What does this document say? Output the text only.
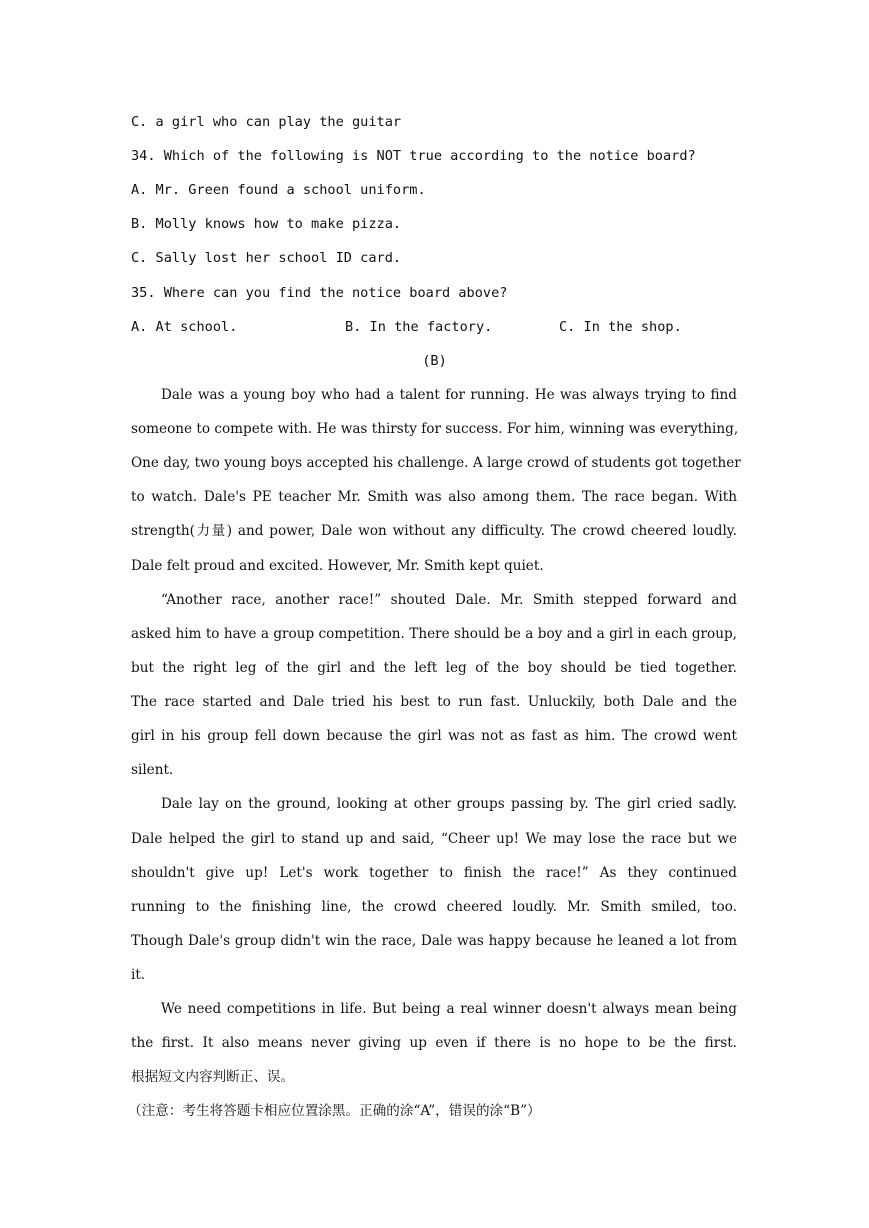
C. a girl who can play the guitar
34. Which of the following is NOT true according to the notice board?
A. Mr. Green found a school uniform.
B. Molly knows how to make pizza.
C. Sally lost her school ID card.
35. Where can you find the notice board above?
A. At school.	B. In the factory.	C. In the shop.
(B)
Dale was a young boy who had a talent for running. He was always trying to find
someone to compete with. He was thirsty for success. For him, winning was everything,
One day, two young boys accepted his challenge. A large crowd of students got together
to watch. Dale's PE teacher Mr. Smith was also among them. The race began. With
strength(力量) and power, Dale won without any difficulty. The crowd cheered loudly.
Dale felt proud and excited. However, Mr. Smith kept quiet.
“Another race, another race!” shouted Dale. Mr. Smith stepped forward and
asked him to have a group competition. There should be a boy and a girl in each group,
but the right leg of the girl and the left leg of the boy should be tied together.
The race started and Dale tried his best to run fast. Unluckily, both Dale and the
girl in his group fell down because the girl was not as fast as him. The crowd went
silent.
Dale lay on the ground, looking at other groups passing by. The girl cried sadly.
Dale helped the girl to stand up and said, “Cheer up! We may lose the race but we
shouldn't give up! Let's work together to finish the race!” As they continued
running to the finishing line, the crowd cheered loudly. Mr. Smith smiled, too.
Though Dale's group didn't win the race, Dale was happy because he leaned a lot from
it.
We need competitions in life. But being a real winner doesn't always mean being
the first. It also means never giving up even if there is no hope to be the first.
根据短文内容判断正、误。
（注意：考生将答题卡相应位置涂黑。正确的涂“A”，错误的涂“B”）
